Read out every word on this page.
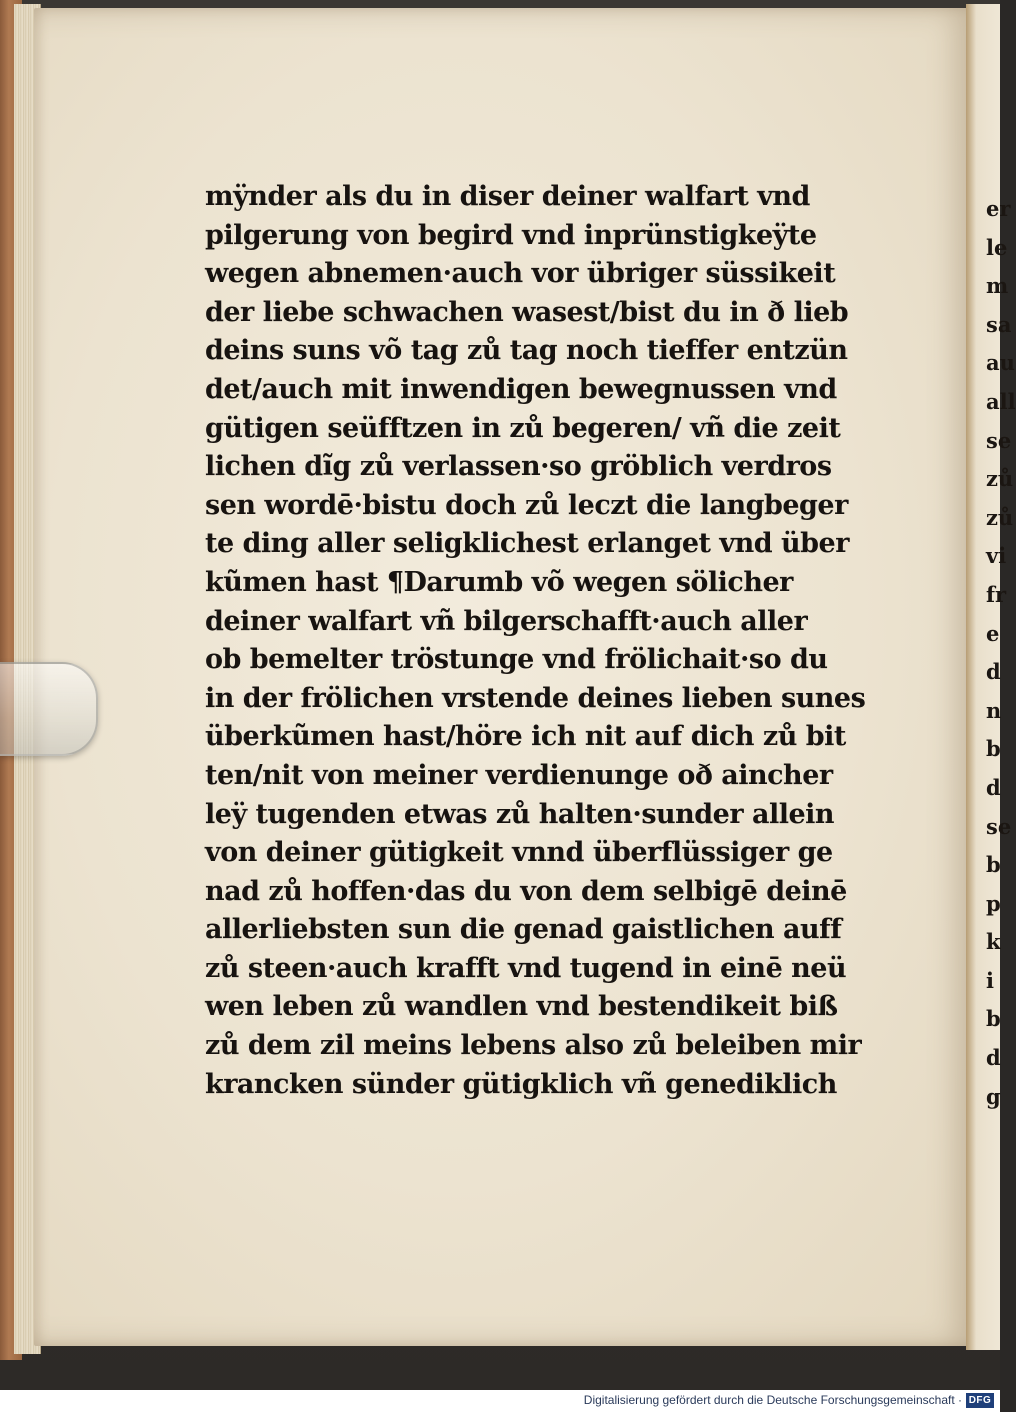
er
le
m
sa
au
all
se
zů
zů
vi
fr
e
d
n
b
d
se
b
p
k
i
b
d
g
mÿnder als du in diser deiner walfart vnd
pilgerung von begird vnd inprünstigkeÿte
wegen abnemen·auch vor übriger süssikeit
der liebe schwachen wasest/bist du in ð lieb
deins suns võ tag zů tag noch tieffer entzün
det/auch mit inwendigen bewegnussen vnd
gütigen seüfftzen in zů begeren/ vñ die zeit
lichen dĩg zů verlassen·so gröblich verdros
sen wordē·bistu doch zů leczt die langbeger
te ding aller seligklichest erlanget vnd über
kũmen hast ¶Darumb võ wegen sölicher
deiner walfart vñ bilgerschafft·auch aller
ob bemelter tröstunge vnd frölichait·so du
in der frölichen vrstende deines lieben sunes
überkũmen hast/höre ich nit auf dich zů bit
ten/nit von meiner verdienunge oð aincher
leÿ tugenden etwas zů halten·sunder allein
von deiner gütigkeit vnnd überflüssiger ge
nad zů hoffen·das du von dem selbigē deinē
allerliebsten sun die genad gaistlichen auff
zů steen·auch krafft vnd tugend in einē neü
wen leben zů wandlen vnd bestendikeit biß
zů dem zil meins lebens also zů beleiben mir
krancken sünder gütigklich vñ genediklich
Digitalisierung gefördert durch die Deutsche Forschungsgemeinschaft · DFG
